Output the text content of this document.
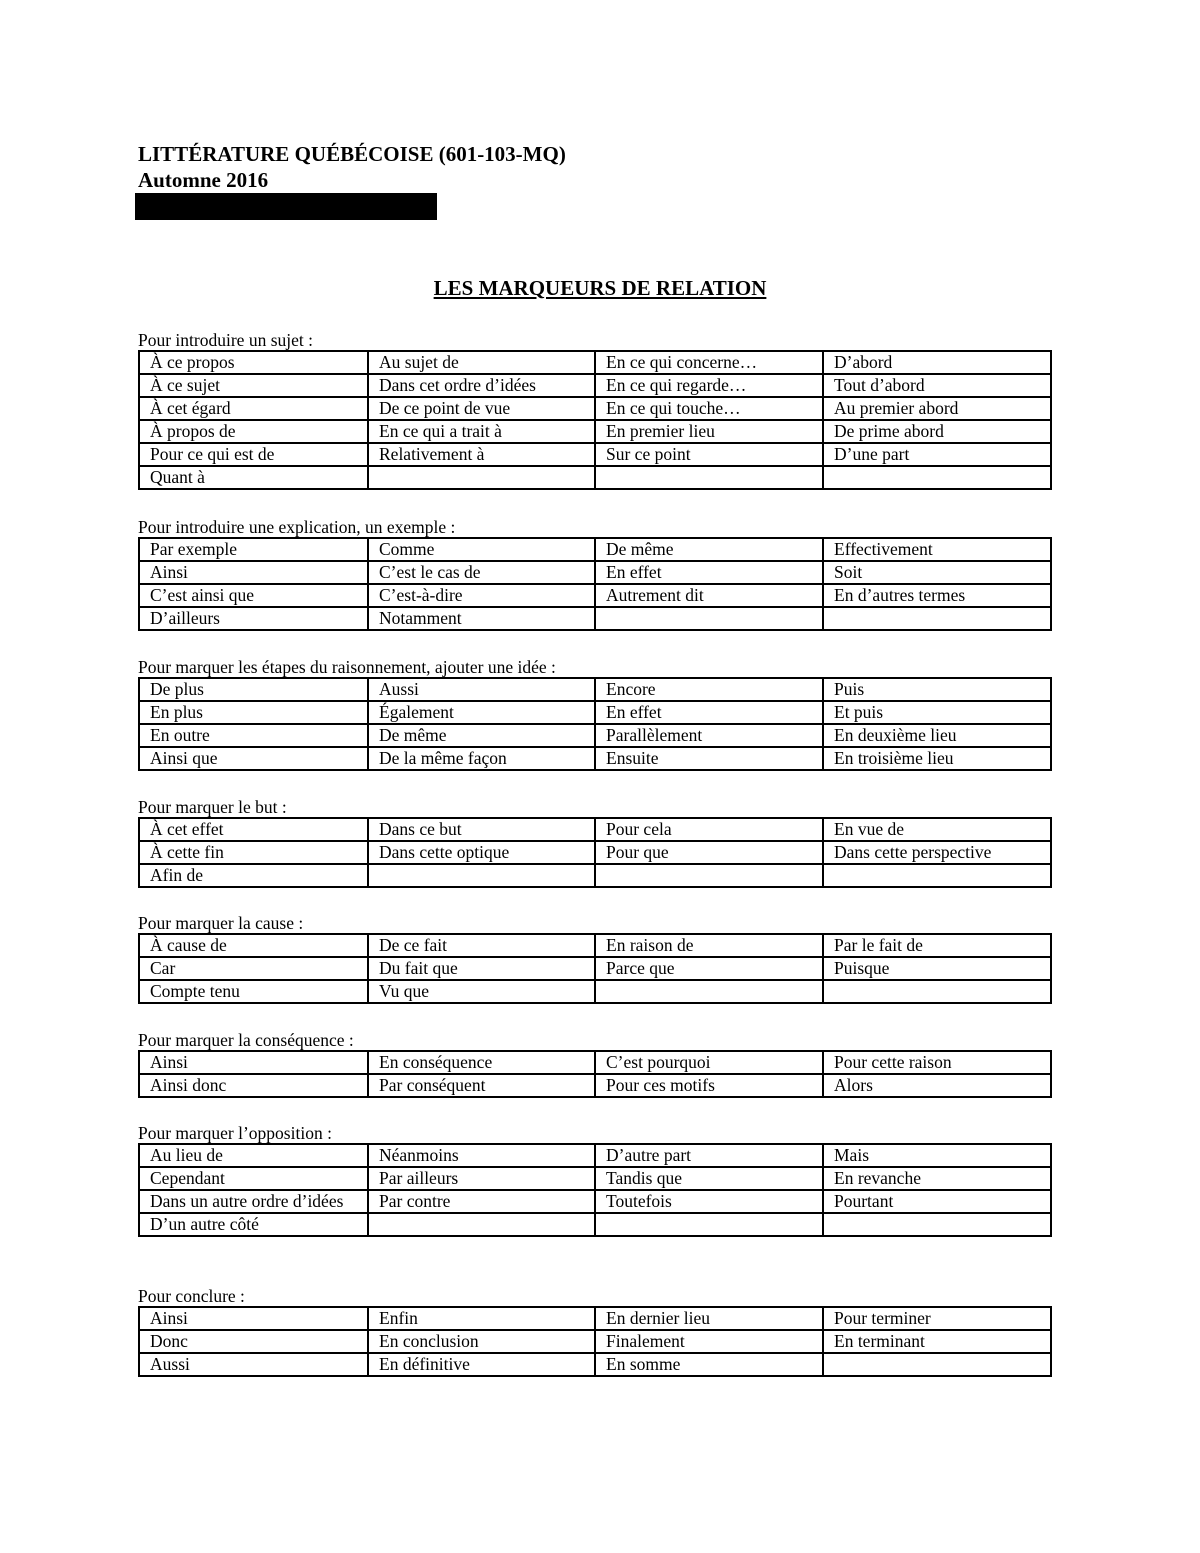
LITTÉRATURE QUÉBÉCOISE (601-103-MQ)
Automne 2016
LES MARQUEURS DE RELATION
Pour introduire un sujet :
À ce propos	Au sujet de	En ce qui concerne…	D’abord
À ce sujet	Dans cet ordre d’idées	En ce qui regarde…	Tout d’abord
À cet égard	De ce point de vue	En ce qui touche…	Au premier abord
À propos de	En ce qui a trait à	En premier lieu	De prime abord
Pour ce qui est de	Relativement à	Sur ce point	D’une part
Quant à			
Pour introduire une explication, un exemple :
Par exemple	Comme	De même	Effectivement
Ainsi	C’est le cas de	En effet	Soit
C’est ainsi que	C’est-à-dire	Autrement dit	En d’autres termes
D’ailleurs	Notamment		
Pour marquer les étapes du raisonnement, ajouter une idée :
De plus	Aussi	Encore	Puis
En plus	Également	En effet	Et puis
En outre	De même	Parallèlement	En deuxième lieu
Ainsi que	De la même façon	Ensuite	En troisième lieu
Pour marquer le but :
À cet effet	Dans ce but	Pour cela	En vue de
À cette fin	Dans cette optique	Pour que	Dans cette perspective
Afin de			
Pour marquer la cause :
À cause de	De ce fait	En raison de	Par le fait de
Car	Du fait que	Parce que	Puisque
Compte tenu	Vu que		
Pour marquer la conséquence :
Ainsi	En conséquence	C’est pourquoi	Pour cette raison
Ainsi donc	Par conséquent	Pour ces motifs	Alors
Pour marquer l’opposition :
Au lieu de	Néanmoins	D’autre part	Mais
Cependant	Par ailleurs	Tandis que	En revanche
Dans un autre ordre d’idées	Par contre	Toutefois	Pourtant
D’un autre côté			
Pour conclure :
Ainsi	Enfin	En dernier lieu	Pour terminer
Donc	En conclusion	Finalement	En terminant
Aussi	En définitive	En somme	
